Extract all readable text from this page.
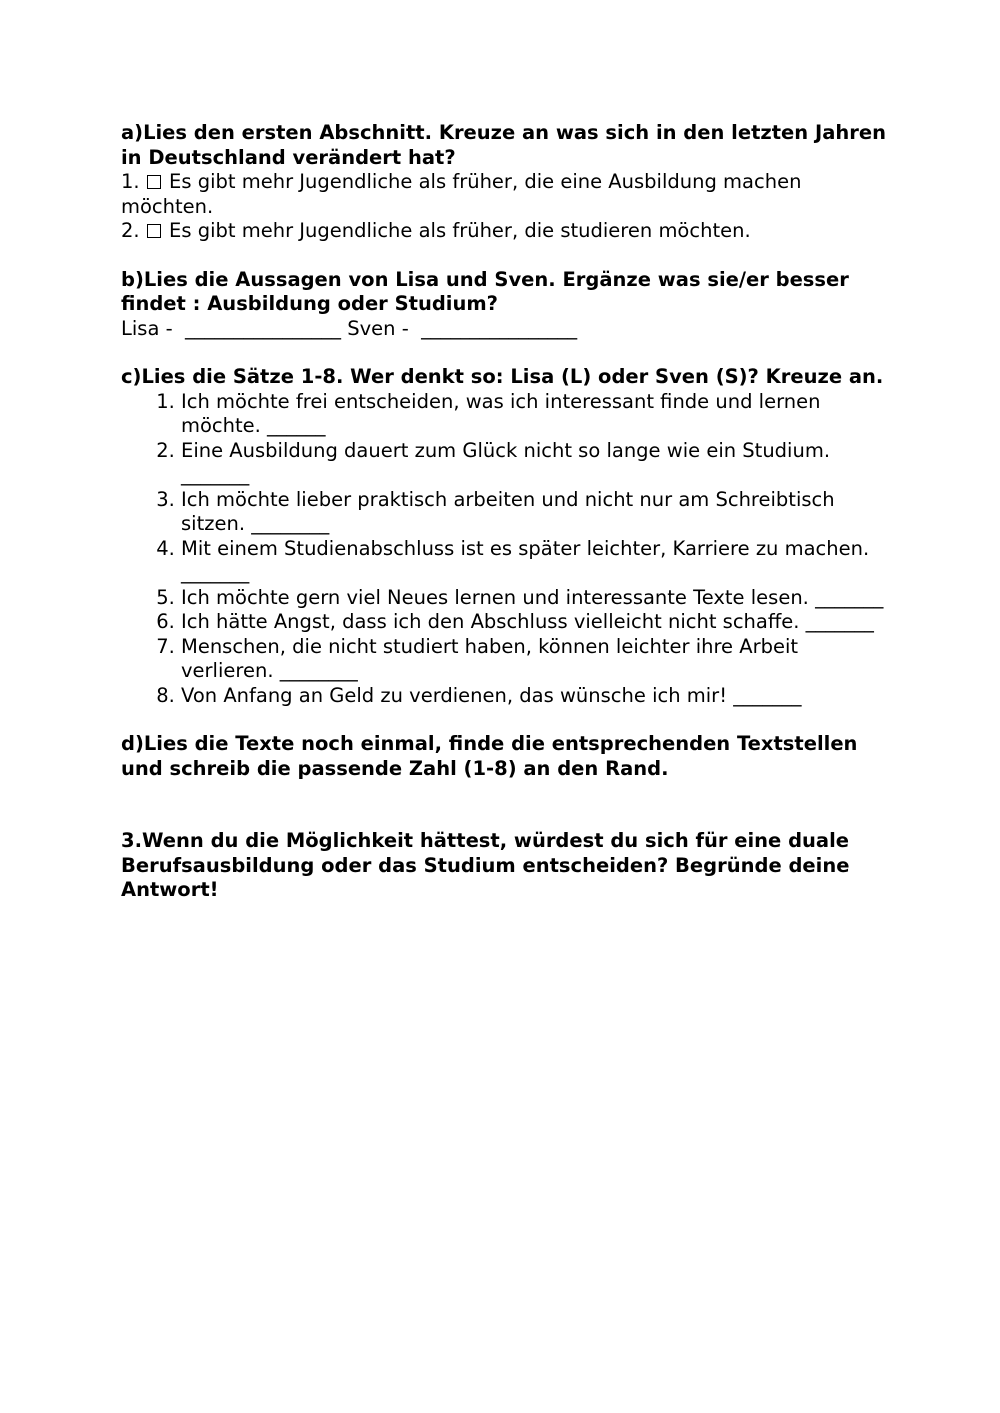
a)Lies den ersten Abschnitt. Kreuze an was sich in den letzten Jahren in Deutschland verändert hat?

1. Es gibt mehr Jugendliche als früher, die eine Ausbildung machen möchten.

2. Es gibt mehr Jugendliche als früher, die studieren möchten.

b)Lies die Aussagen von Lisa und Sven. Ergänze was sie/er besser findet : Ausbildung oder Studium?

Lisa -  ________________ Sven -  ________________

c)Lies die Sätze 1-8. Wer denkt so: Lisa (L) oder Sven (S)? Kreuze an.

1. Ich möchte frei entscheiden, was ich interessant finde und lernen möchte. ______
2. Eine Ausbildung dauert zum Glück nicht so lange wie ein Studium. _______
3. Ich möchte lieber praktisch arbeiten und nicht nur am Schreibtisch sitzen. ________
4. Mit einem Studienabschluss ist es später leichter, Karriere zu machen. _______
5. Ich möchte gern viel Neues lernen und interessante Texte lesen. _______
6. Ich hätte Angst, dass ich den Abschluss vielleicht nicht schaffe. _______
7. Menschen, die nicht studiert haben, können leichter ihre Arbeit verlieren. ________
8. Von Anfang an Geld zu verdienen, das wünsche ich mir! _______

d)Lies die Texte noch einmal, finde die entsprechenden Textstellen und schreib die passende Zahl (1-8) an den Rand.

3.Wenn du die Möglichkeit hättest, würdest du sich für eine duale Berufsausbildung oder das Studium entscheiden? Begründe deine Antwort!
